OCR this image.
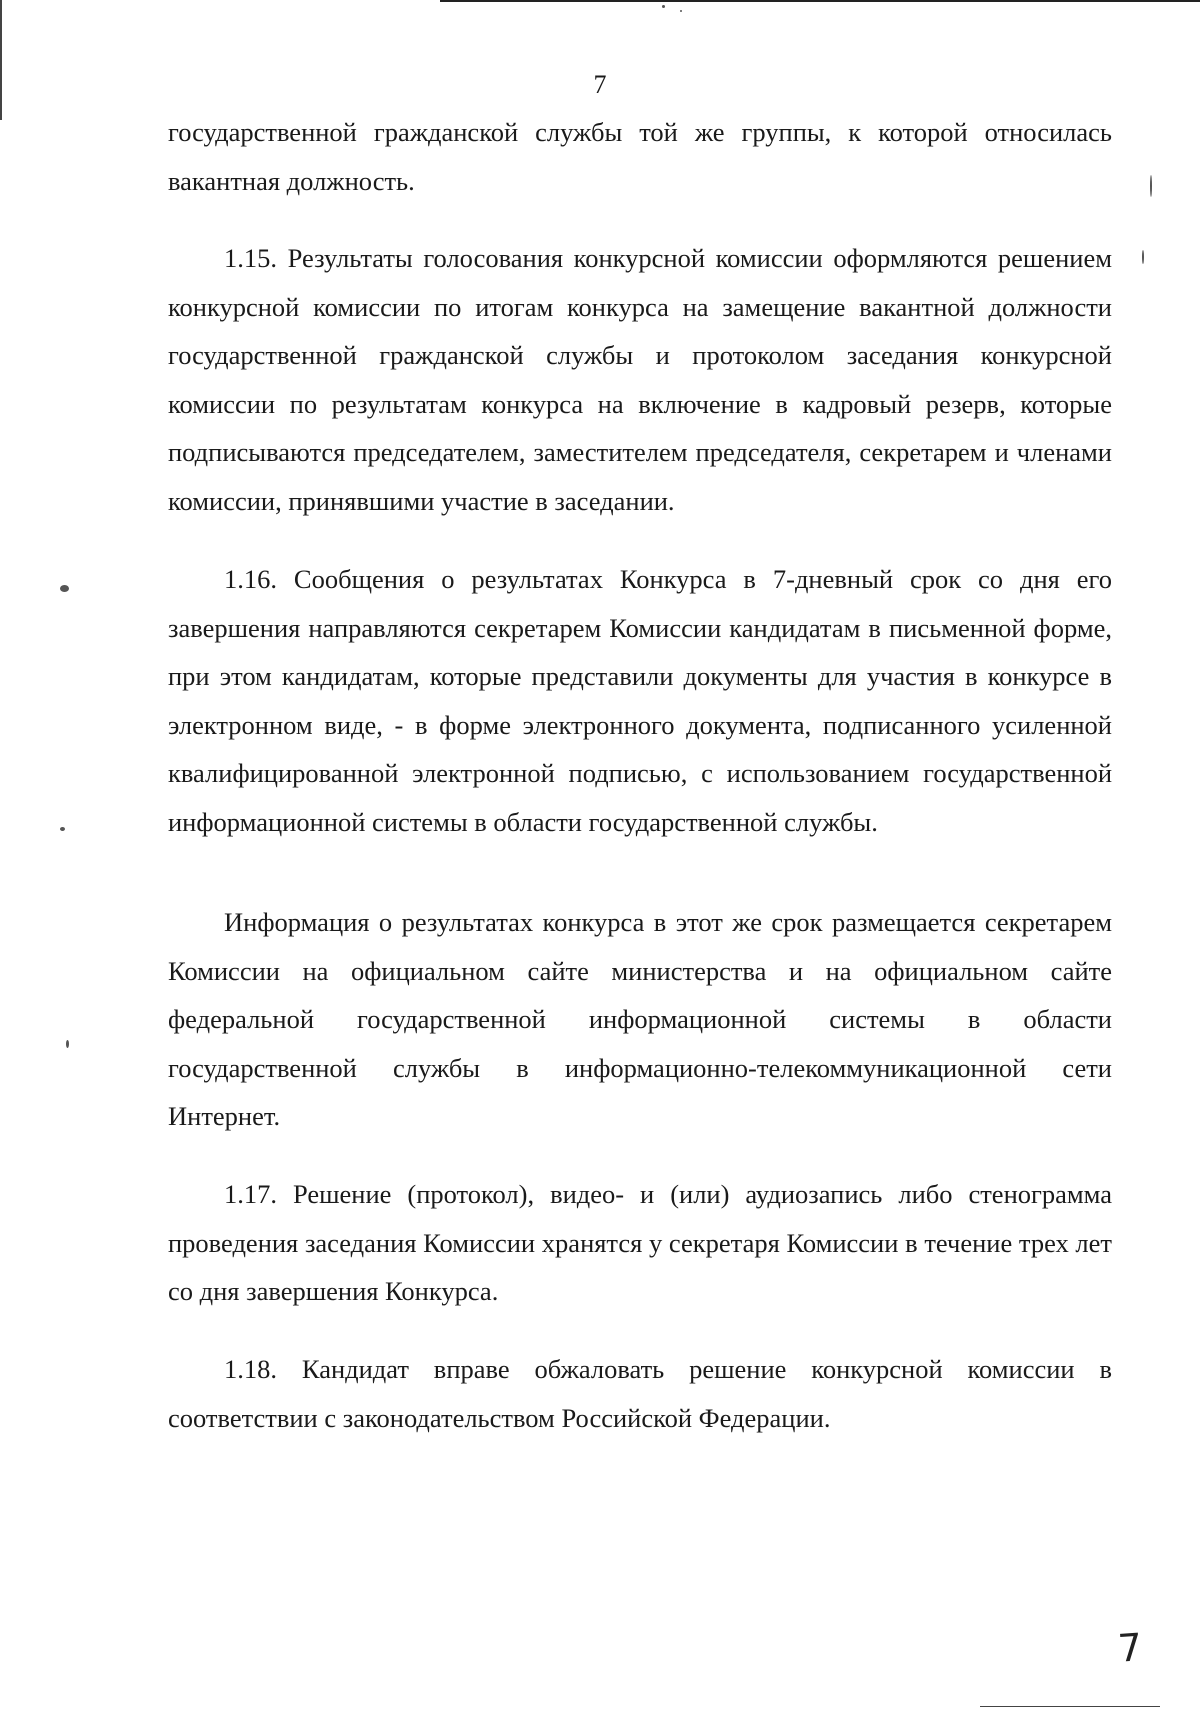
7

государственной гражданской службы той же группы, к которой относилась вакантная должность.

1.15. Результаты голосования конкурсной комиссии оформляются решением конкурсной комиссии по итогам конкурса на замещение вакантной должности государственной гражданской службы и протоколом заседания конкурсной комиссии по результатам конкурса на включение в кадровый резерв, которые подписываются председателем, заместителем председателя, секретарем и членами комиссии, принявшими участие в заседании.

1.16. Сообщения о результатах Конкурса в 7-дневный срок со дня его завершения направляются секретарем Комиссии кандидатам в письменной форме, при этом кандидатам, которые представили документы для участия в конкурсе в электронном виде, - в форме электронного документа, подписанного усиленной квалифицированной электронной подписью, с использованием государственной информационной системы в области государственной службы.

Информация о результатах конкурса в этот же срок размещается секретарем Комиссии на официальном сайте министерства и на официальном сайте федеральной государственной информационной системы в области государственной службы в информационно-телекоммуникационной сети Интернет.

1.17. Решение (протокол), видео- и (или) аудиозапись либо стенограмма проведения заседания Комиссии хранятся у секретаря Комиссии в течение трех лет со дня завершения Конкурса.

1.18. Кандидат вправе обжаловать решение конкурсной комиссии в соответствии с законодательством Российской Федерации.

7
